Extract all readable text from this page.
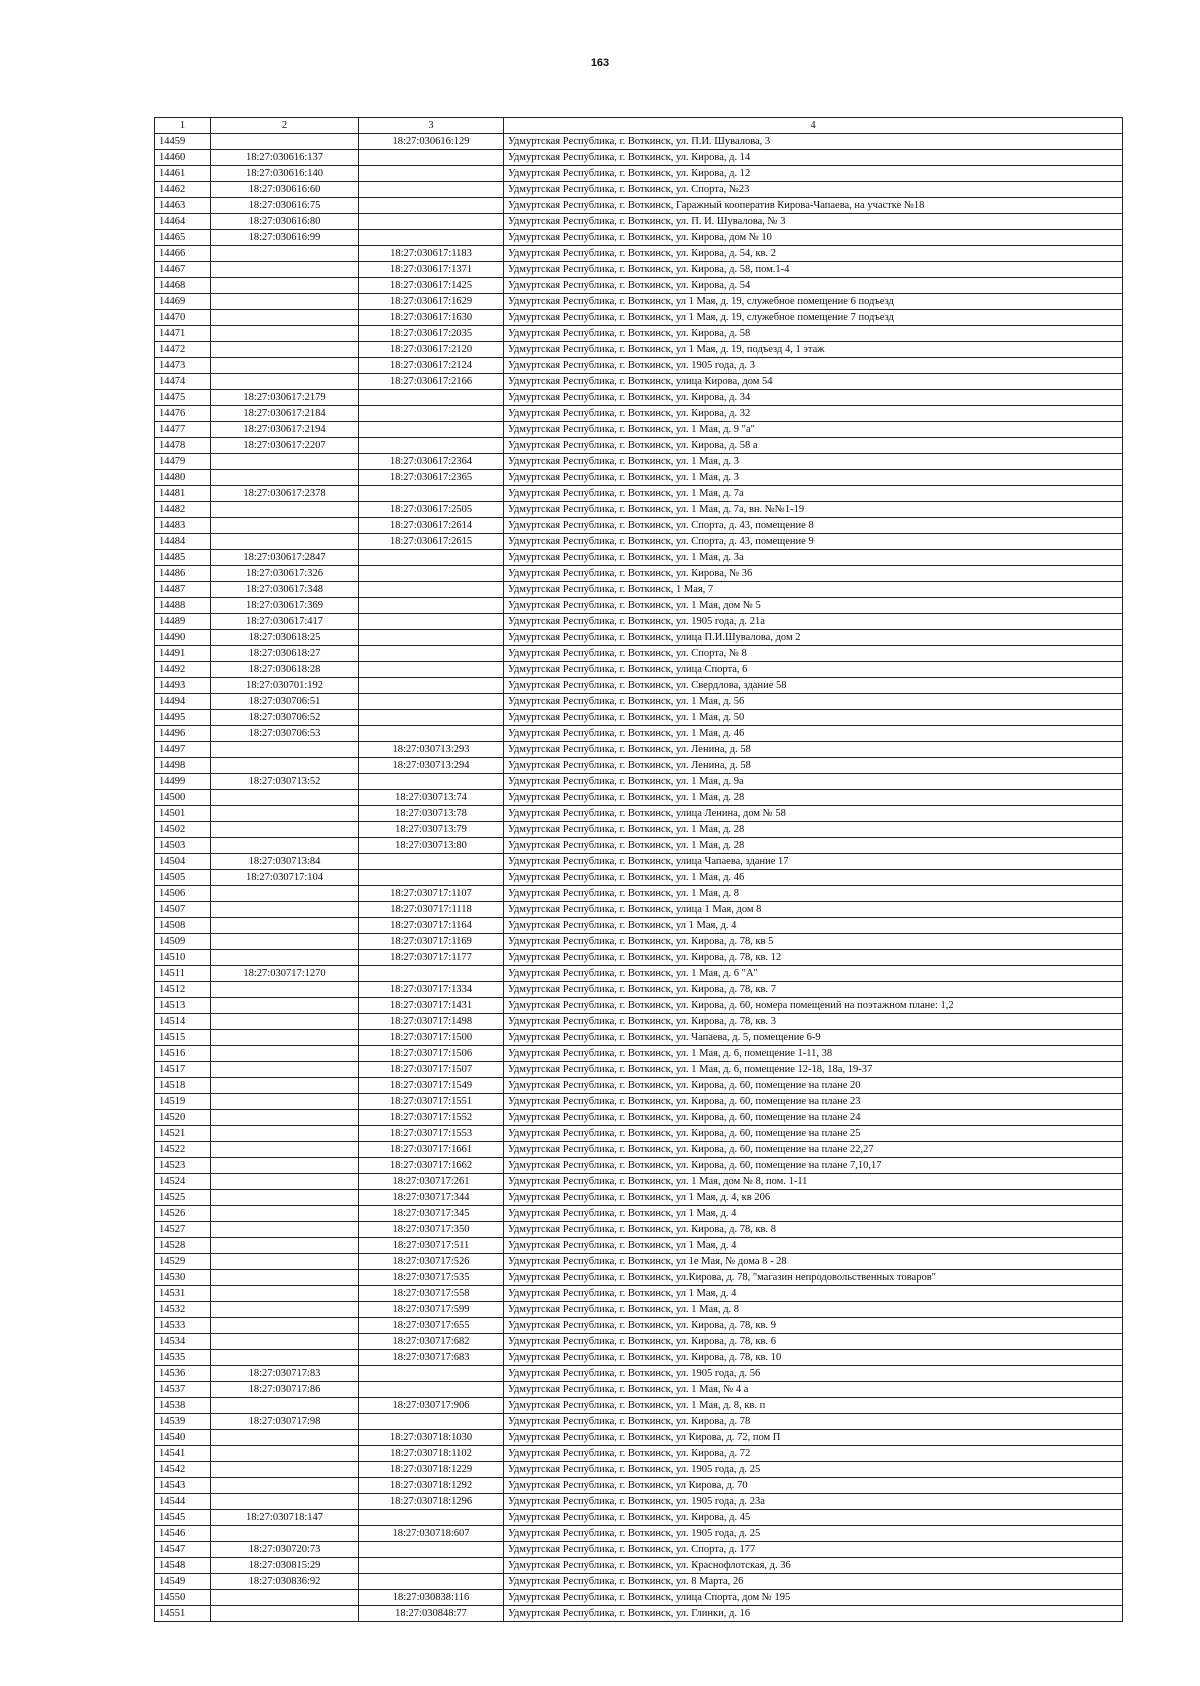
163
1	2	3	4
14459		18:27:030616:129	Удмуртская Республика, г. Воткинск, ул. П.И. Шувалова, 3
14460	18:27:030616:137		Удмуртская Республика, г. Воткинск, ул. Кирова, д. 14
14461	18:27:030616:140		Удмуртская Республика, г. Воткинск, ул. Кирова, д. 12
14462	18:27:030616:60		Удмуртская Республика, г. Воткинск, ул. Спорта, №23
14463	18:27:030616:75		Удмуртская Республика, г. Воткинск, Гаражный кооператив Кирова-Чапаева, на участке №18
14464	18:27:030616:80		Удмуртская Республика, г. Воткинск, ул. П. И. Шувалова, № 3
14465	18:27:030616:99		Удмуртская Республика, г. Воткинск, ул. Кирова, дом № 10
14466		18:27:030617:1183	Удмуртская Республика, г. Воткинск, ул. Кирова, д. 54, кв. 2
14467		18:27:030617:1371	Удмуртская Республика, г. Воткинск, ул. Кирова, д. 58, пом.1-4
14468		18:27:030617:1425	Удмуртская Республика, г. Воткинск, ул. Кирова, д. 54
14469		18:27:030617:1629	Удмуртская Республика, г. Воткинск, ул 1 Мая, д. 19, служебное помещение 6 подъезд
14470		18:27:030617:1630	Удмуртская Республика, г. Воткинск, ул 1 Мая, д. 19, служебное помещение 7 подъезд
14471		18:27:030617:2035	Удмуртская Республика, г. Воткинск, ул. Кирова, д. 58
14472		18:27:030617:2120	Удмуртская Республика, г. Воткинск, ул 1 Мая, д. 19, подъезд 4, 1 этаж
14473		18:27:030617:2124	Удмуртская Республика, г. Воткинск, ул. 1905 года, д. 3
14474		18:27:030617:2166	Удмуртская Республика, г. Воткинск, улица Кирова, дом 54
14475	18:27:030617:2179		Удмуртская Республика, г. Воткинск, ул. Кирова, д. 34
14476	18:27:030617:2184		Удмуртская Республика, г. Воткинск, ул. Кирова, д. 32
14477	18:27:030617:2194		Удмуртская Республика, г. Воткинск, ул. 1 Мая, д. 9 "а"
14478	18:27:030617:2207		Удмуртская Республика, г. Воткинск, ул. Кирова, д. 58 а
14479		18:27:030617:2364	Удмуртская Республика, г. Воткинск, ул. 1 Мая, д. 3
14480		18:27:030617:2365	Удмуртская Республика, г. Воткинск, ул. 1 Мая, д. 3
14481	18:27:030617:2378		Удмуртская Республика, г. Воткинск, ул. 1 Мая, д. 7а
14482		18:27:030617:2505	Удмуртская Республика, г. Воткинск, ул. 1 Мая, д. 7а, вн. №№1-19
14483		18:27:030617:2614	Удмуртская Республика, г. Воткинск, ул. Спорта, д. 43, помещение 8
14484		18:27:030617:2615	Удмуртская Республика, г. Воткинск, ул. Спорта, д. 43, помещение 9
14485	18:27:030617:2847		Удмуртская Республика, г. Воткинск, ул. 1 Мая, д. 3а
14486	18:27:030617:326		Удмуртская Республика, г. Воткинск, ул. Кирова, № 36
14487	18:27:030617:348		Удмуртская Республика, г. Воткинск, 1 Мая, 7
14488	18:27:030617:369		Удмуртская Республика, г. Воткинск, ул. 1 Мая, дом № 5
14489	18:27:030617:417		Удмуртская Республика, г. Воткинск, ул. 1905 года, д. 21а
14490	18:27:030618:25		Удмуртская Республика, г. Воткинск, улица П.И.Шувалова, дом 2
14491	18:27:030618:27		Удмуртская Республика, г. Воткинск, ул. Спорта, № 8
14492	18:27:030618:28		Удмуртская Республика, г. Воткинск, улица Спорта, 6
14493	18:27:030701:192		Удмуртская Республика, г. Воткинск, ул. Свердлова, здание 58
14494	18:27:030706:51		Удмуртская Республика, г. Воткинск, ул. 1 Мая, д. 56
14495	18:27:030706:52		Удмуртская Республика, г. Воткинск, ул. 1 Мая, д. 50
14496	18:27:030706:53		Удмуртская Республика, г. Воткинск, ул. 1 Мая, д. 46
14497		18:27:030713:293	Удмуртская Республика, г. Воткинск, ул. Ленина, д. 58
14498		18:27:030713:294	Удмуртская Республика, г. Воткинск, ул. Ленина, д. 58
14499	18:27:030713:52		Удмуртская Республика, г. Воткинск, ул. 1 Мая, д. 9а
14500		18:27:030713:74	Удмуртская Республика, г. Воткинск, ул. 1 Мая, д. 28
14501		18:27:030713:78	Удмуртская Республика, г. Воткинск, улица Ленина, дом № 58
14502		18:27:030713:79	Удмуртская Республика, г. Воткинск, ул. 1 Мая, д. 28
14503		18:27:030713:80	Удмуртская Республика, г. Воткинск, ул. 1 Мая, д. 28
14504	18:27:030713:84		Удмуртская Республика, г. Воткинск, улица Чапаева, здание 17
14505	18:27:030717:104		Удмуртская Республика, г. Воткинск, ул. 1 Мая, д. 46
14506		18:27:030717:1107	Удмуртская Республика, г. Воткинск, ул. 1 Мая, д. 8
14507		18:27:030717:1118	Удмуртская Республика, г. Воткинск, улица 1 Мая, дом 8
14508		18:27:030717:1164	Удмуртская Республика, г. Воткинск, ул 1 Мая, д. 4
14509		18:27:030717:1169	Удмуртская Республика, г. Воткинск, ул. Кирова, д. 78, кв 5
14510		18:27:030717:1177	Удмуртская Республика, г. Воткинск, ул. Кирова, д. 78, кв. 12
14511	18:27:030717:1270		Удмуртская Республика, г. Воткинск, ул. 1 Мая, д. 6 "А"
14512		18:27:030717:1334	Удмуртская Республика, г. Воткинск, ул. Кирова, д. 78, кв. 7
14513		18:27:030717:1431	Удмуртская Республика, г. Воткинск, ул. Кирова, д. 60, номера помещений на поэтажном плане: 1,2
14514		18:27:030717:1498	Удмуртская Республика, г. Воткинск, ул. Кирова, д. 78, кв. 3
14515		18:27:030717:1500	Удмуртская Республика, г. Воткинск, ул. Чапаева, д. 5, помещение 6-9
14516		18:27:030717:1506	Удмуртская Республика, г. Воткинск, ул. 1 Мая, д. 6, помещение 1-11, 38
14517		18:27:030717:1507	Удмуртская Республика, г. Воткинск, ул. 1 Мая, д. 6, помещение 12-18, 18а, 19-37
14518		18:27:030717:1549	Удмуртская Республика, г. Воткинск, ул. Кирова, д. 60, помещение на плане 20
14519		18:27:030717:1551	Удмуртская Республика, г. Воткинск, ул. Кирова, д. 60, помещение на плане 23
14520		18:27:030717:1552	Удмуртская Республика, г. Воткинск, ул. Кирова, д. 60, помещение на плане 24
14521		18:27:030717:1553	Удмуртская Республика, г. Воткинск, ул. Кирова, д. 60, помещение на плане 25
14522		18:27:030717:1661	Удмуртская Республика, г. Воткинск, ул. Кирова, д. 60, помещение на плане 22,27
14523		18:27:030717:1662	Удмуртская Республика, г. Воткинск, ул. Кирова, д. 60, помещение на плане 7,10,17
14524		18:27:030717:261	Удмуртская Республика, г. Воткинск, ул. 1 Мая, дом № 8, пом. 1-11
14525		18:27:030717:344	Удмуртская Республика, г. Воткинск, ул 1 Мая, д. 4, кв 206
14526		18:27:030717:345	Удмуртская Республика, г. Воткинск, ул 1 Мая, д. 4
14527		18:27:030717:350	Удмуртская Республика, г. Воткинск, ул. Кирова, д. 78, кв. 8
14528		18:27:030717:511	Удмуртская Республика, г. Воткинск, ул 1 Мая, д. 4
14529		18:27:030717:526	Удмуртская Республика, г. Воткинск, ул 1е Мая, № дома 8 - 28
14530		18:27:030717:535	Удмуртская Республика, г. Воткинск, ул.Кирова, д. 78, "магазин непродовольственных товаров"
14531		18:27:030717:558	Удмуртская Республика, г. Воткинск, ул 1 Мая, д. 4
14532		18:27:030717:599	Удмуртская Республика, г. Воткинск, ул. 1 Мая, д. 8
14533		18:27:030717:655	Удмуртская Республика, г. Воткинск, ул. Кирова, д. 78, кв. 9
14534		18:27:030717:682	Удмуртская Республика, г. Воткинск, ул. Кирова, д. 78, кв. 6
14535		18:27:030717:683	Удмуртская Республика, г. Воткинск, ул. Кирова, д. 78, кв. 10
14536	18:27:030717:83		Удмуртская Республика, г. Воткинск, ул. 1905 года, д. 56
14537	18:27:030717:86		Удмуртская Республика, г. Воткинск, ул. 1 Мая, № 4 а
14538		18:27:030717:906	Удмуртская Республика, г. Воткинск, ул. 1 Мая, д. 8, кв. п
14539	18:27:030717:98		Удмуртская Республика, г. Воткинск, ул. Кирова, д. 78
14540		18:27:030718:1030	Удмуртская Республика, г. Воткинск, ул Кирова, д. 72, пом П
14541		18:27:030718:1102	Удмуртская Республика, г. Воткинск, ул. Кирова, д. 72
14542		18:27:030718:1229	Удмуртская Республика, г. Воткинск, ул. 1905 года, д. 25
14543		18:27:030718:1292	Удмуртская Республика, г. Воткинск, ул Кирова, д. 70
14544		18:27:030718:1296	Удмуртская Республика, г. Воткинск, ул. 1905 года, д. 23а
14545	18:27:030718:147		Удмуртская Республика, г. Воткинск, ул. Кирова, д. 45
14546		18:27:030718:607	Удмуртская Республика, г. Воткинск, ул. 1905 года, д. 25
14547	18:27:030720:73		Удмуртская Республика, г. Воткинск, ул. Спорта, д. 177
14548	18:27:030815:29		Удмуртская Республика, г. Воткинск, ул. Краснофлотская, д. 36
14549	18:27:030836:92		Удмуртская Республика, г. Воткинск, ул. 8 Марта, 26
14550		18:27:030838:116	Удмуртская Республика, г. Воткинск, улица Спорта, дом № 195
14551		18:27:030848:77	Удмуртская Республика, г. Воткинск, ул. Глинки, д. 16
